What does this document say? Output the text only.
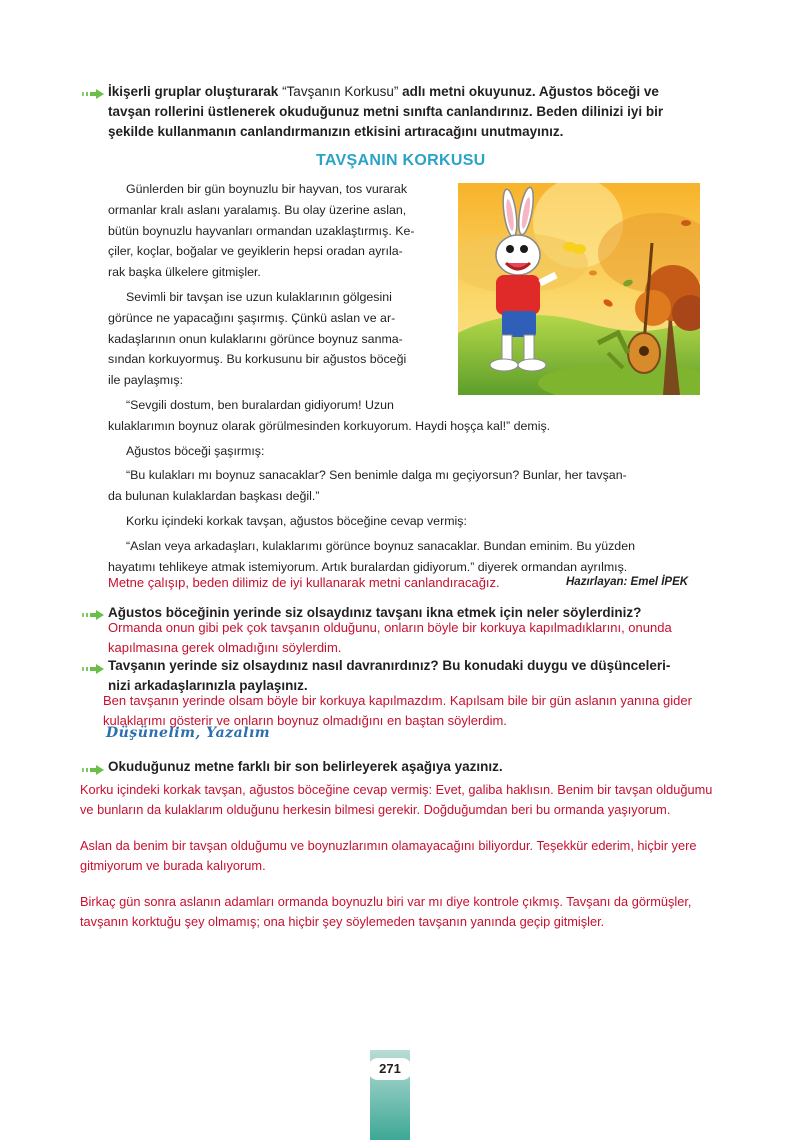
İkişerli gruplar oluşturarak “Tavşanın Korkusu” adlı metni okuyunuz. Ağustos böceği ve
tavşan rollerini üstlenerek okuduğunuz metni sınıfta canlandırınız. Beden dilinizi iyi bir
şekilde kullanmanın canlandırmanızın etkisini artıracağını unutmayınız.
TAVŞANIN KORKUSU

Günlerden bir gün boynuzlu bir hayvan, tos vurarak

ormanlar kralı aslanı yaralamış. Bu olay üzerine aslan,

bütün boynuzlu hayvanları ormandan uzaklaştırmış. Ke-

çiler, koçlar, boğalar ve geyiklerin hepsi oradan ayrıla-

rak başka ülkelere gitmişler.

Sevimli bir tavşan ise uzun kulaklarının gölgesini

görünce ne yapacağını şaşırmış. Çünkü aslan ve ar-

kadaşlarının onun kulaklarını görünce boynuz sanma-

sından korkuyormuş. Bu korkusunu bir ağustos böceği

ile paylaşmış:

“Sevgili dostum, ben buralardan gidiyorum! Uzun

kulaklarımın boynuz olarak görülmesinden korkuyorum. Haydi hoşça kal!” demiş.

Ağustos böceği şaşırmış:

“Bu kulakları mı boynuz sanacaklar? Sen benimle dalga mı geçiyorsun? Bunlar, her tavşan-

da bulunan kulaklardan başkası değil.”

Korku içindeki korkak tavşan, ağustos böceğine cevap vermiş:

“Aslan veya arkadaşları, kulaklarımı görünce boynuz sanacaklar. Bundan eminim. Bu yüzden

hayatımı tehlikeye atmak istemiyorum. Artık buralardan gidiyorum.” diyerek ormandan ayrılmış.

Metne çalışıp, beden dilimiz de iyi kullanarak metni canlandıracağız.	Hazırlayan: Emel İPEK
Ağustos böceğinin yerinde siz olsaydınız tavşanı ikna etmek için neler söylerdiniz?
Ormanda onun gibi pek çok tavşanın olduğunu, onların böyle bir korkuya kapılmadıklarını, onunda
kapılmasına gerek olmadığını söylerdim.
Tavşanın yerinde siz olsaydınız nasıl davranırdınız? Bu konudaki duygu ve düşünceleri-
nizi arkadaşlarınızla paylaşınız.
Ben tavşanın yerinde olsam böyle bir korkuya kapılmazdım. Kapılsam bile bir gün aslanın yanına gider
kulaklarımı gösterir ve onların boynuz olmadığını en baştan söylerdim.
Düşünelim, Yazalım
Okuduğunuz metne farklı bir son belirleyerek aşağıya yazınız.
Korku içindeki korkak tavşan, ağustos böceğine cevap vermiş: Evet, galiba haklısın. Benim bir tavşan olduğumu
ve bunların da kulaklarım olduğunu herkesin bilmesi gerekir. Doğduğumdan beri bu ormanda yaşıyorum.
Aslan da benim bir tavşan olduğumu ve boynuzlarımın olamayacağını biliyordur. Teşekkür ederim, hiçbir yere
gitmiyorum ve burada kalıyorum.
Birkaç gün sonra aslanın adamları ormanda boynuzlu biri var mı diye kontrole çıkmış. Tavşanı da görmüşler,
tavşanın korktuğu şey olmamış; ona hiçbir şey söylemeden tavşanın yanında geçip gitmişler.
271
